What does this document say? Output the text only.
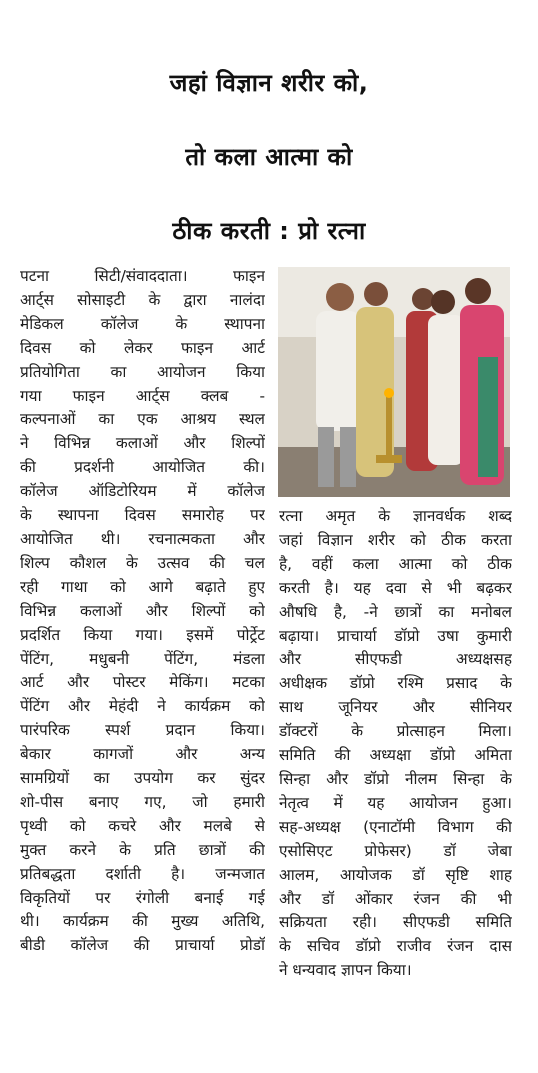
जहां विज्ञान शरीर को,
तो कला आत्मा को
ठीक करती : प्रो रत्ना
पटना सिटी/संवाददाता। फाइन
आर्ट्स सोसाइटी के द्वारा नालंदा
मेडिकल कॉलेज के स्थापना
दिवस को लेकर फाइन आर्ट
प्रतियोगिता का आयोजन किया
गया फाइन आर्ट्स क्लब -
कल्पनाओं का एक आश्रय स्थल
ने विभिन्न कलाओं और शिल्पों
की प्रदर्शनी आयोजित की।
कॉलेज ऑडिटोरियम में कॉलेज
के स्थापना दिवस समारोह पर
आयोजित थी। रचनात्मकता और
शिल्प कौशल के उत्सव की चल
रही गाथा को आगे बढ़ाते हुए
विभिन्न कलाओं और शिल्पों को
प्रदर्शित किया गया। इसमें पोर्ट्रेट
पेंटिंग, मधुबनी पेंटिंग, मंडला
आर्ट और पोस्टर मेकिंग। मटका
पेंटिंग और मेहंदी ने कार्यक्रम को
पारंपरिक स्पर्श प्रदान किया।
बेकार कागजों और अन्य
सामग्रियों का उपयोग कर सुंदर
शो-पीस बनाए गए, जो हमारी
पृथ्वी को कचरे और मलबे से
मुक्त करने के प्रति छात्रों की
प्रतिबद्धता दर्शाती है। जन्मजात
विकृतियों पर रंगोली बनाई गई
थी। कार्यक्रम की मुख्य अतिथि,
बीडी कॉलेज की प्राचार्या प्रोडॉ
रत्ना अमृत के ज्ञानवर्धक शब्द
जहां विज्ञान शरीर को ठीक करता
है, वहीं कला आत्मा को ठीक
करती है। यह दवा से भी बढ़कर
औषधि है, -ने छात्रों का मनोबल
बढ़ाया। प्राचार्या डॉप्रो उषा कुमारी
और सीएफडी अध्यक्षसह
अधीक्षक डॉप्रो रश्मि प्रसाद के
साथ जूनियर और सीनियर
डॉक्टरों के प्रोत्साहन मिला।
समिति की अध्यक्षा डॉप्रो अमिता
सिन्हा और डॉप्रो नीलम सिन्हा के
नेतृत्व में यह आयोजन हुआ।
सह-अध्यक्ष (एनाटॉमी विभाग की
एसोसिएट प्रोफेसर) डॉ जेबा
आलम, आयोजक डॉ सृष्टि शाह
और डॉ ओंकार रंजन की भी
सक्रियता रही। सीएफडी समिति
के सचिव डॉप्रो राजीव रंजन दास
ने धन्यवाद ज्ञापन किया।
